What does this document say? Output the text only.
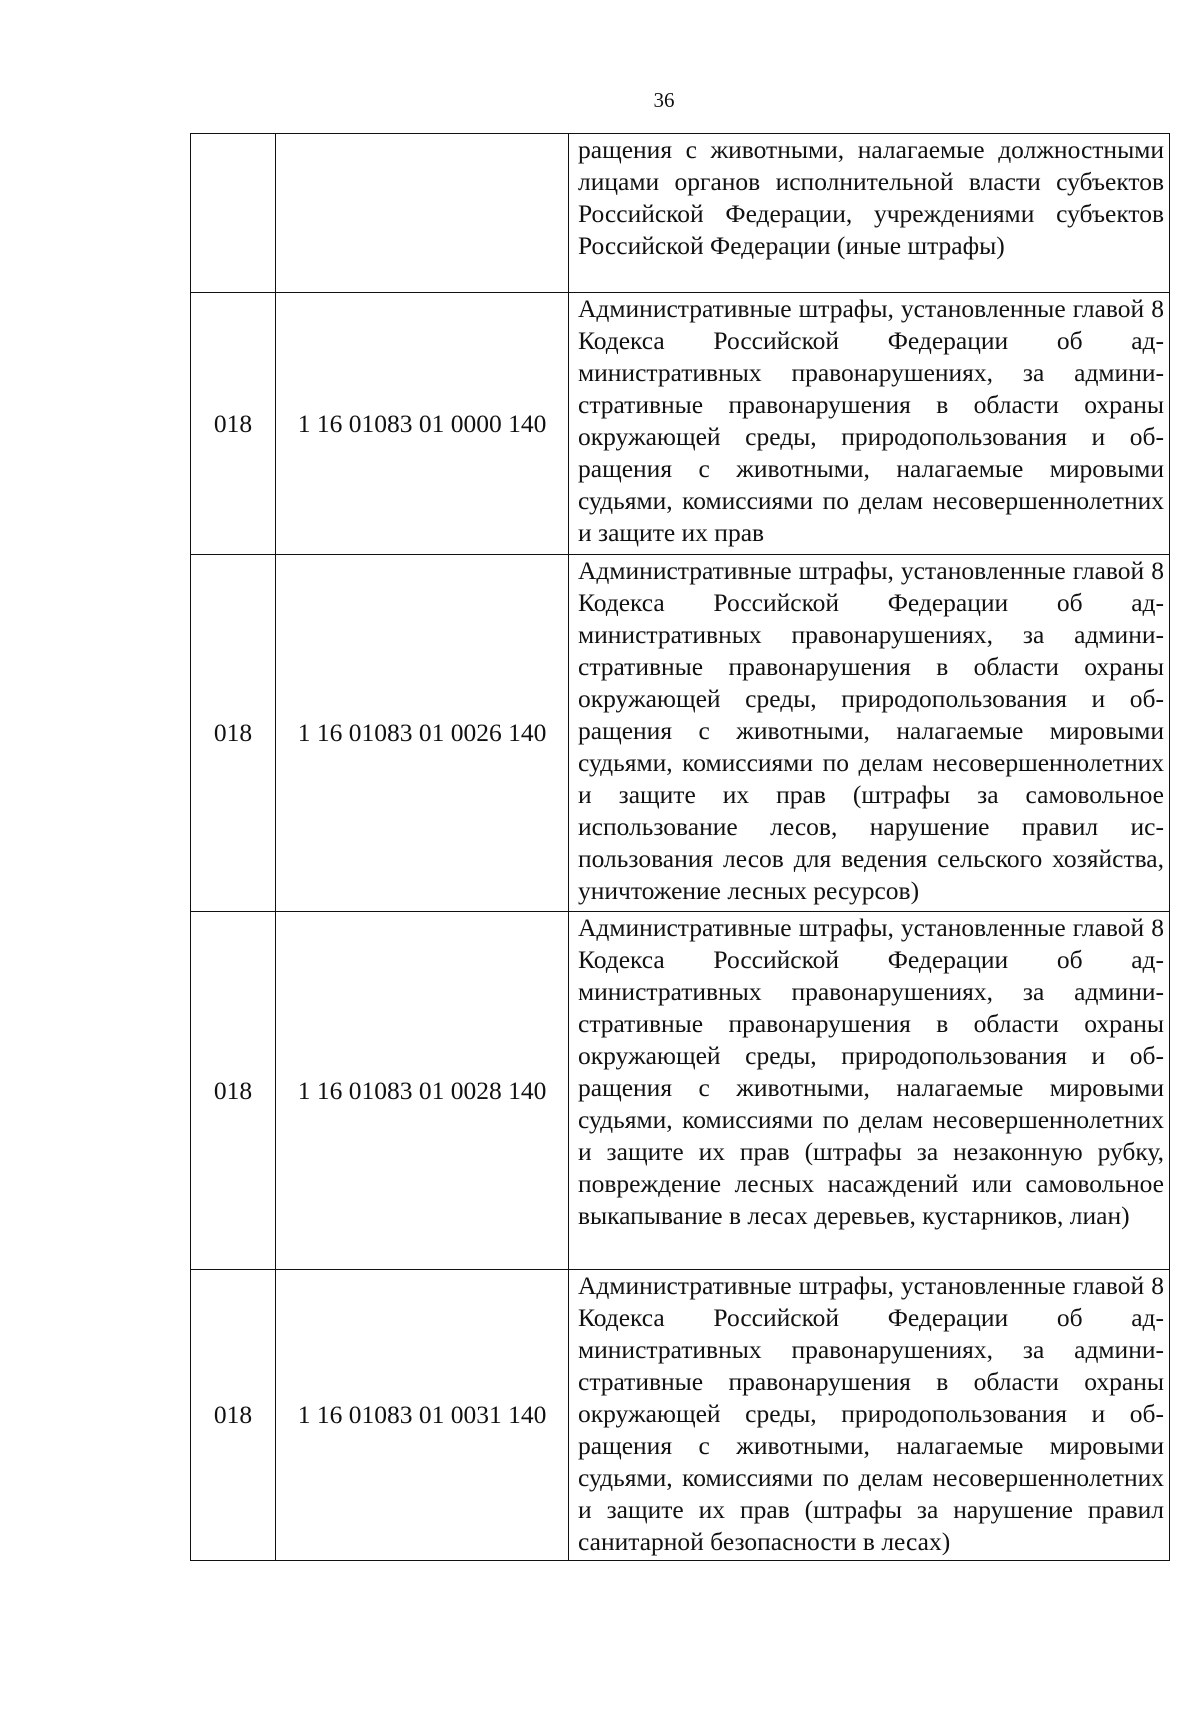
36

		ращения с животными, налагаемые должностными лицами органов исполнительной власти субъектов Российской Федерации, учреждениями субъектов Российской Федерации (иные штрафы)

018	1 16 01083 01 0000 140	Административные штрафы, установленные главой 8 Кодекса Российской Федерации об административных правонарушениях, за административные правонарушения в области охраны окружающей среды, природопользования и обращения с животными, налагаемые мировыми судьями, комиссиями по делам несовершеннолетних и защите их прав

018	1 16 01083 01 0026 140	Административные штрафы, установленные главой 8 Кодекса Российской Федерации об административных правонарушениях, за административные правонарушения в области охраны окружающей среды, природопользования и обращения с животными, налагаемые мировыми судьями, комиссиями по делам несовершеннолетних и защите их прав (штрафы за самовольное использование лесов, нарушение правил использования лесов для ведения сельского хозяйства, уничтожение лесных ресурсов)

018	1 16 01083 01 0028 140	Административные штрафы, установленные главой 8 Кодекса Российской Федерации об административных правонарушениях, за административные правонарушения в области охраны окружающей среды, природопользования и обращения с животными, налагаемые мировыми судьями, комиссиями по делам несовершеннолетних и защите их прав (штрафы за незаконную рубку, повреждение лесных насаждений или самовольное выкапывание в лесах деревьев, кустарников, лиан)

018	1 16 01083 01 0031 140	Административные штрафы, установленные главой 8 Кодекса Российской Федерации об административных правонарушениях, за административные правонарушения в области охраны окружающей среды, природопользования и обращения с животными, налагаемые мировыми судьями, комиссиями по делам несовершеннолетних и защите их прав (штрафы за нарушение правил санитарной безопасности в лесах)
